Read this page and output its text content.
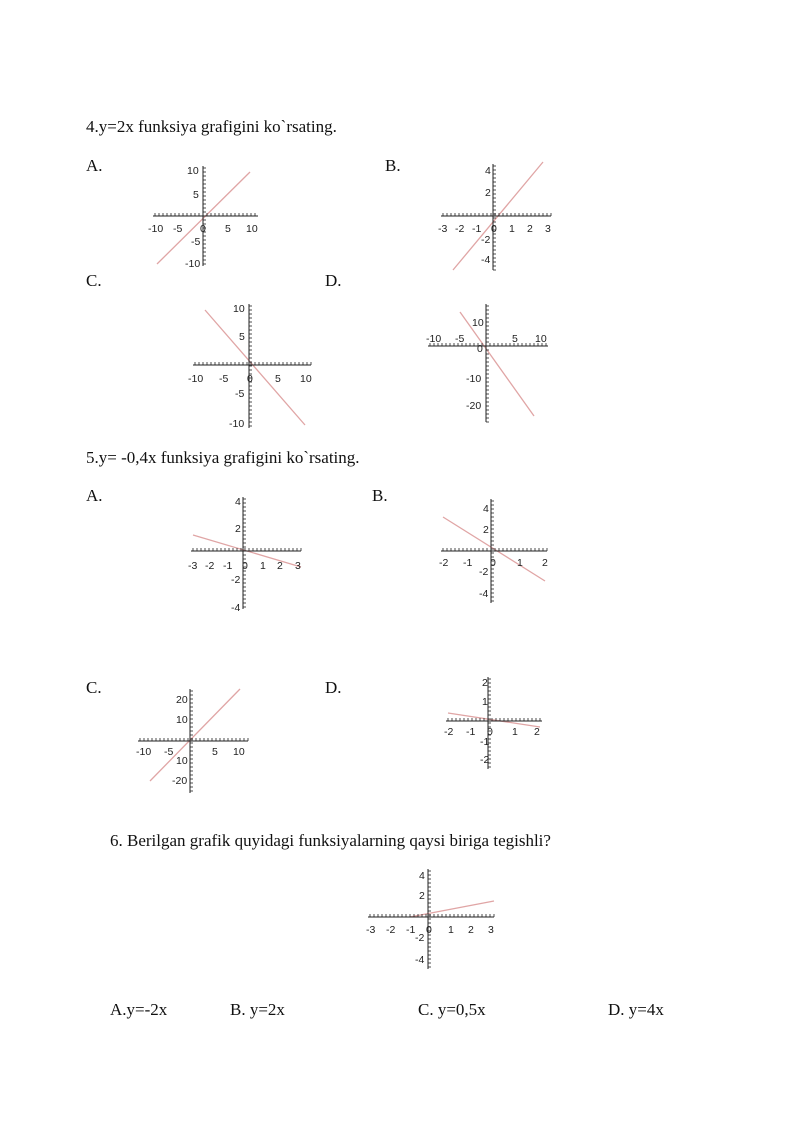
4.y=2x funksiya grafigini ko`rsating.
A.	B.
C.	D.
-10 -5 0 5 10
10
5
-5
-10
-3 -2 -1 0 1 2 3
4
2
-2
-4
-10 -5 0 5 10
10
5
-5
-10
-10 -5	5 10
10
0
-10
-20
5.y= -0,4x funksiya grafigini ko`rsating.
A.	B.
C.	D.
-3 -2 -1 0 1 2 3
4
2
-2
-4
-2 -1 0 1 2
4
2
-2
-4
-10 -5	5 10
20
10
10
-20
-2 -1 0 1 2
2
1
-1
-2
6. Berilgan grafik quyidagi funksiyalarning qaysi biriga tegishli?
-3 -2 -1 0 1 2 3
4
2
-2
-4
A.y=-2x	B. y=2x	C. y=0,5x	D. y=4x
